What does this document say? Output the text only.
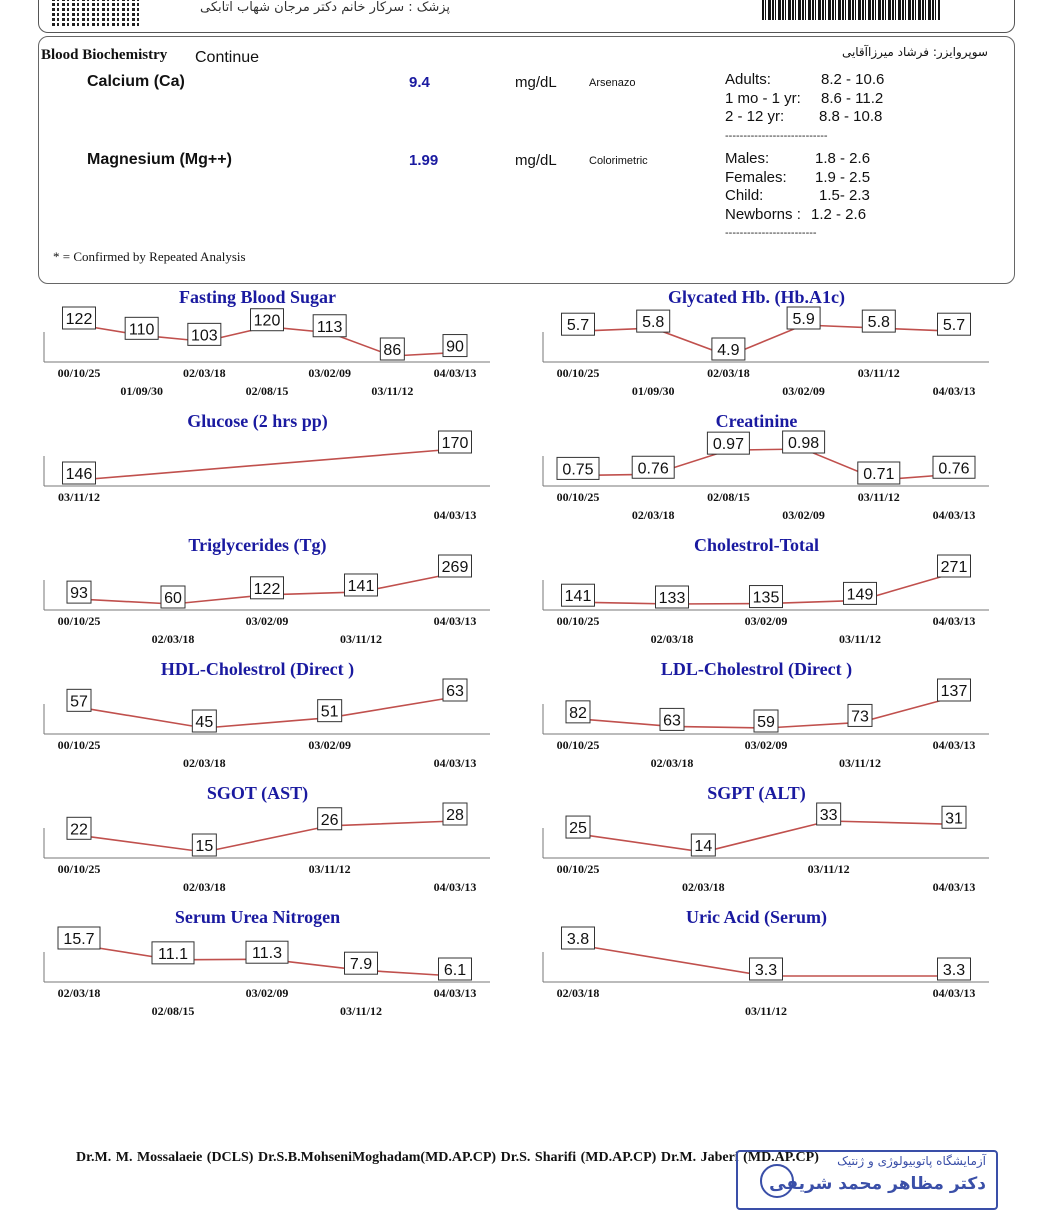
پزشک : سرکار خانم دکتر مرجان شهاب اتابکی
Blood Biochemistry Continue	سوپروایزر: فرشاد میرزاآقایی
Calcium (Ca)	9.4	mg/dL	Arsenazo	Adults:	8.2 - 10.6
1 mo - 1 yr:	8.6 - 11.2
2 - 12 yr:	8.8 - 10.8
----------------------------
Magnesium (Mg++)	1.99	mg/dL	Colorimetric	Males:	1.8 - 2.6
Females:	1.9 - 2.5
Child:	1.5- 2.3
Newborns : 1.2 - 2.6
-------------------------
* = Confirmed by Repeated Analysis
Fasting Blood Sugar
122
00/10/25
110
01/09/30
103
02/03/18
120
02/08/15
113
03/02/09
86
03/11/12
90
04/03/13
Glycated Hb. (Hb.A1c)
5.7
00/10/25
5.8
01/09/30
4.9
02/03/18
5.9
03/02/09
5.8
03/11/12
5.7
04/03/13
Glucose (2 hrs pp)
146
03/11/12
170
04/03/13
Creatinine
0.75
00/10/25
0.76
02/03/18
0.97
02/08/15
0.98
03/02/09
0.71
03/11/12
0.76
04/03/13
Triglycerides (Tg)
93
00/10/25
60
02/03/18
122
03/02/09
141
03/11/12
269
04/03/13
Cholestrol-Total
141
00/10/25
133
02/03/18
135
03/02/09
149
03/11/12
271
04/03/13
HDL-Cholestrol (Direct )
57
00/10/25
45
02/03/18
51
03/02/09
63
04/03/13
LDL-Cholestrol (Direct )
82
00/10/25
63
02/03/18
59
03/02/09
73
03/11/12
137
04/03/13
SGOT (AST)
22
00/10/25
15
02/03/18
26
03/11/12
28
04/03/13
SGPT (ALT)
25
00/10/25
14
02/03/18
33
03/11/12
31
04/03/13
Serum Urea Nitrogen
15.7
02/03/18
11.1
02/08/15
11.3
03/02/09
7.9
03/11/12
6.1
04/03/13
Uric Acid (Serum)
3.8
02/03/18
3.3
03/11/12
3.3
04/03/13
Dr.M. M. Mossalaeie (DCLS) Dr.S.B.MohseniMoghadam(MD.AP.CP) Dr.S. Sharifi (MD.AP.CP) Dr.M. Jaberi (MD.AP.CP) آزمایشگاه پاتوبیولوژی و ژنتیک
دکتر مظاهر محمد شریفی
